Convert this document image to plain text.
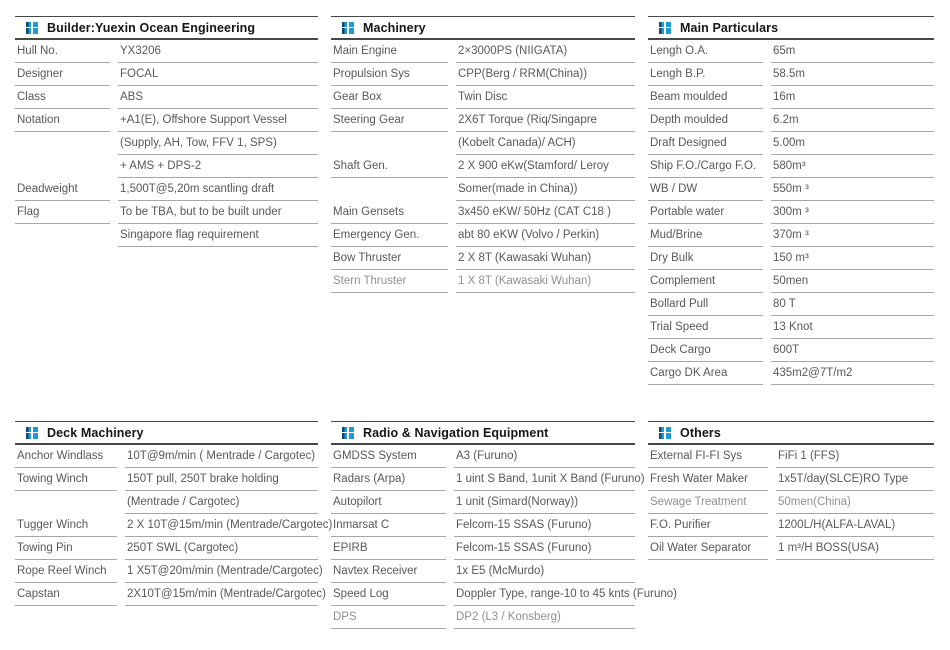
Builder:Yuexin Ocean Engineering
Hull No.	YX3206
Designer	FOCAL
Class	ABS
Notation	+A1(E), Offshore Support Vessel
(Supply, AH, Tow, FFV 1, SPS)
+ AMS + DPS-2
Deadweight	1,500T@5,20m scantling draft
Flag	To be TBA, but to be built under
Singapore flag requirement
Machinery
Main Engine	2×3000PS (NIIGATA)
Propulsion Sys	CPP(Berg / RRM(China))
Gear Box	Twin Disc
Steering Gear	2X6T Torque (Riq/Singapre
(Kobelt Canada)/ ACH)
Shaft Gen.	2 X 900 eKw(Stamford/ Leroy
Somer(made in China))
Main Gensets	3x450 eKW/ 50Hz (CAT C18 )
Emergency Gen.	abt 80 eKW (Volvo / Perkin)
Bow Thruster	2 X 8T (Kawasaki Wuhan)
Stern Thruster	1 X 8T (Kawasaki Wuhan)
Main Particulars
Lengh O.A.	65m
Lengh B.P.	58.5m
Beam moulded	16m
Depth moulded	6.2m
Draft Designed	5.00m
Ship F.O./Cargo F.O.	580m³
WB / DW	550m ³
Portable water	300m ³
Mud/Brine	370m ³
Dry Bulk	150 m³
Complement	50men
Bollard Pull	80 T
Trial Speed	13 Knot
Deck Cargo	600T
Cargo DK Area	435m2@7T/m2
Deck Machinery
Anchor Windlass	10T@9m/min ( Mentrade / Cargotec)
Towing Winch	150T pull, 250T brake holding
(Mentrade / Cargotec)
Tugger Winch	2 X 10T@15m/min (Mentrade/Cargotec)
Towing Pin	250T SWL (Cargotec)
Rope Reel Winch	1 X5T@20m/min (Mentrade/Cargotec)
Capstan	2X10T@15m/min (Mentrade/Cargotec)
Radio & Navigation Equipment
GMDSS System	A3 (Furuno)
Radars (Arpa)	1 uint S Band, 1unit X Band (Furuno)
Autopilort	1 unit (Simard(Norway))
Inmarsat C	Felcom-15 SSAS (Furuno)
EPIRB	Felcom-15 SSAS (Furuno)
Navtex Receiver	1x E5 (McMurdo)
Speed Log	Doppler Type, range-10 to 45 knts (Furuno)
DPS	DP2 (L3 / Konsberg)
Others
External FI-FI Sys	FiFi 1 (FFS)
Fresh Water Maker	1x5T/day(SLCE)RO Type
Sewage Treatment	50men(China)
F.O. Purifier	1200L/H(ALFA-LAVAL)
Oil Water Separator	1 m³/H BOSS(USA)
